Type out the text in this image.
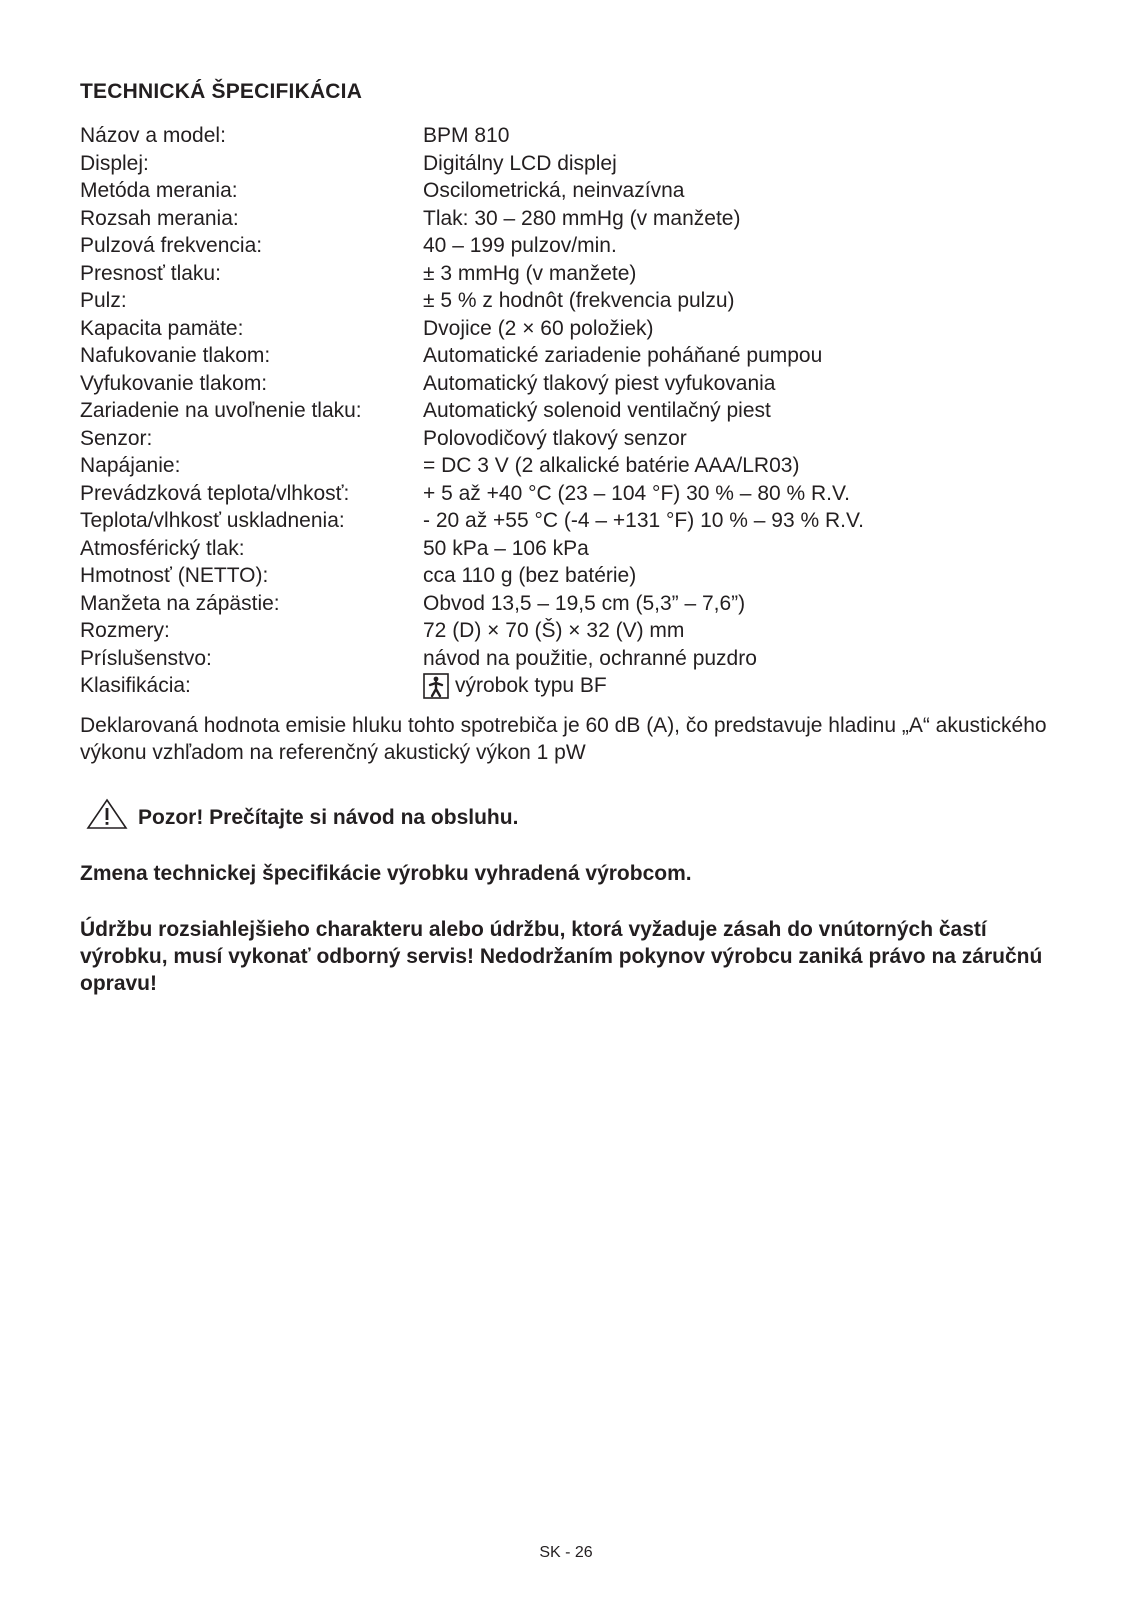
TECHNICKÁ ŠPECIFIKÁCIA
Názov a model:	BPM 810
Displej:	Digitálny LCD displej
Metóda merania:	Oscilometrická, neinvazívna
Rozsah merania:	Tlak: 30 – 280 mmHg (v manžete)
Pulzová frekvencia:	40 – 199 pulzov/min.
Presnosť tlaku:	± 3 mmHg (v manžete)
Pulz:	± 5 % z hodnôt (frekvencia pulzu)
Kapacita pamäte:	Dvojice (2 × 60 položiek)
Nafukovanie tlakom:	Automatické zariadenie poháňané pumpou
Vyfukovanie tlakom:	Automatický tlakový piest vyfukovania
Zariadenie na uvoľnenie tlaku:	Automatický solenoid ventilačný piest
Senzor:	Polovodičový tlakový senzor
Napájanie:	= DC 3 V (2 alkalické batérie AAA/LR03)
Prevádzková teplota/vlhkosť:	+ 5 až +40 °C (23 – 104 °F) 30 % – 80 % R.V.
Teplota/vlhkosť uskladnenia:	- 20 až +55 °C (-4 – +131 °F) 10 % – 93 % R.V.
Atmosférický tlak:	50 kPa – 106 kPa
Hmotnosť (NETTO):	cca 110 g (bez batérie)
Manžeta na zápästie:	Obvod 13,5 – 19,5 cm (5,3” – 7,6”)
Rozmery:	72 (D) × 70 (Š) × 32 (V) mm
Príslušenstvo:	návod na použitie, ochranné puzdro
Klasifikácia:	výrobok typu BF
Deklarovaná hodnota emisie hluku tohto spotrebiča je 60 dB (A), čo predstavuje hladinu „A“ akustického výkonu vzhľadom na referenčný akustický výkon 1 pW
Pozor! Prečítajte si návod na obsluhu.
Zmena technickej špecifikácie výrobku vyhradená výrobcom.
Údržbu rozsiahlejšieho charakteru alebo údržbu, ktorá vyžaduje zásah do vnútorných častí výrobku, musí vykonať odborný servis! Nedodržaním pokynov výrobcu zaniká právo na záručnú opravu!
SK - 26
